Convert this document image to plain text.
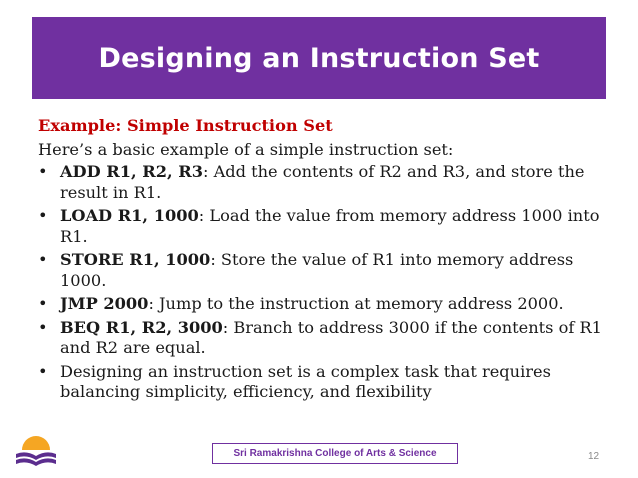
Designing an Instruction Set
Example: Simple Instruction Set
Here’s a basic example of a simple instruction set:
• ADD R1, R2, R3: Add the contents of R2 and R3, and store the result in R1.
• LOAD R1, 1000: Load the value from memory address 1000 into R1.
• STORE R1, 1000: Store the value of R1 into memory address 1000.
• JMP 2000: Jump to the instruction at memory address 2000.
• BEQ R1, R2, 3000: Branch to address 3000 if the contents of R1 and R2 are equal.
• Designing an instruction set is a complex task that requires balancing simplicity, efficiency, and flexibility
Sri Ramakrishna College of Arts & Science	12
